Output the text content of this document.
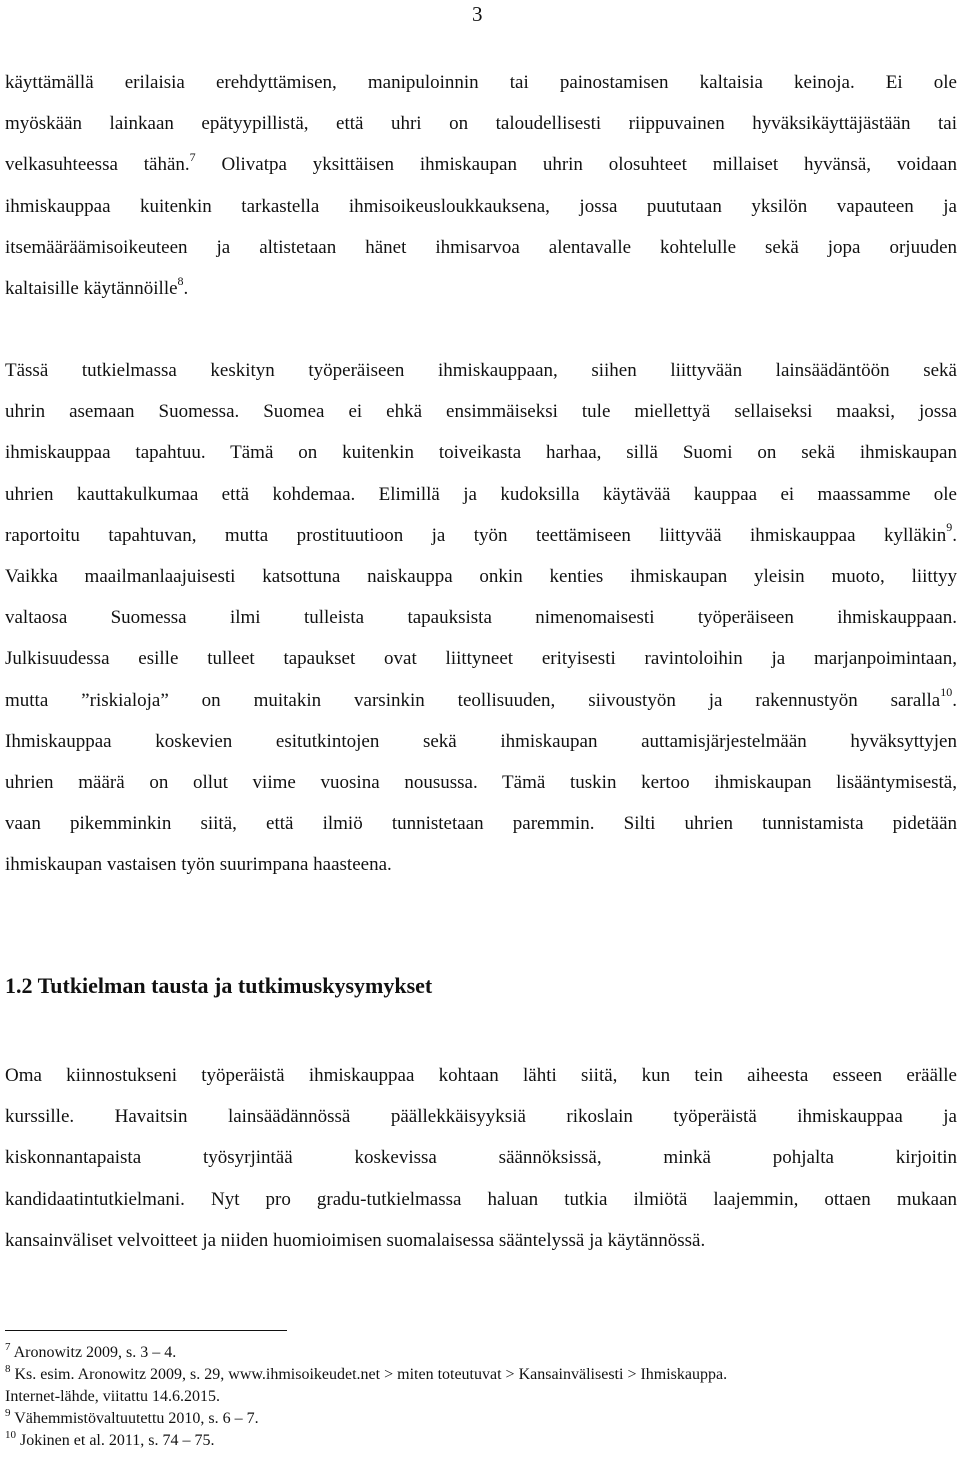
3
käyttämällä erilaisia erehdyttämisen, manipuloinnin tai painostamisen kaltaisia keinoja. Ei ole
myöskään lainkaan epätyypillistä, että uhri on taloudellisesti riippuvainen hyväksikäyttäjästään tai
velkasuhteessa tähän.$^7$ Olivatpa yksittäisen ihmiskaupan uhrin olosuhteet millaiset hyvänsä, voidaan
ihmiskauppaa kuitenkin tarkastella ihmisoikeusloukkauksena, jossa puututaan yksilön vapauteen ja
itsemääräämisoikeuteen ja altistetaan hänet ihmisarvoa alentavalle kohtelulle sekä jopa orjuuden
kaltaisille käytännöille$^8$.
Tässä tutkielmassa keskityn työperäiseen ihmiskauppaan, siihen liittyvään lainsäädäntöön sekä
uhrin asemaan Suomessa. Suomea ei ehkä ensimmäiseksi tule miellettyä sellaiseksi maaksi, jossa
ihmiskauppaa tapahtuu. Tämä on kuitenkin toiveikasta harhaa, sillä Suomi on sekä ihmiskaupan
uhrien kauttakulkumaa että kohdemaa. Elimillä ja kudoksilla käytävää kauppaa ei maassamme ole
raportoitu tapahtuvan, mutta prostituutioon ja työn teettämiseen liittyvää ihmiskauppaa kylläkin$^9$.
Vaikka maailmanlaajuisesti katsottuna naiskauppa onkin kenties ihmiskaupan yleisin muoto, liittyy
valtaosa Suomessa ilmi tulleista tapauksista nimenomaisesti työperäiseen ihmiskauppaan.
Julkisuudessa esille tulleet tapaukset ovat liittyneet erityisesti ravintoloihin ja marjanpoimintaan,
mutta ”riskialoja” on muitakin varsinkin teollisuuden, siivoustyön ja rakennustyön saralla$^{10}$.
Ihmiskauppaa koskevien esitutkintojen sekä ihmiskaupan auttamisjärjestelmään hyväksyttyjen
uhrien määrä on ollut viime vuosina nousussa. Tämä tuskin kertoo ihmiskaupan lisääntymisestä,
vaan pikemminkin siitä, että ilmiö tunnistetaan paremmin. Silti uhrien tunnistamista pidetään
ihmiskaupan vastaisen työn suurimpana haasteena.
1.2 Tutkielman tausta ja tutkimuskysymykset
Oma kiinnostukseni työperäistä ihmiskauppaa kohtaan lähti siitä, kun tein aiheesta esseen eräälle
kurssille. Havaitsin lainsäädännössä päällekkäisyyksiä rikoslain työperäistä ihmiskauppaa ja
kiskonnantapaista työsyrjintää koskevissa säännöksissä, minkä pohjalta kirjoitin
kandidaatintutkielmani. Nyt pro gradu-tutkielmassa haluan tutkia ilmiötä laajemmin, ottaen mukaan
kansainväliset velvoitteet ja niiden huomioimisen suomalaisessa sääntelyssä ja käytännössä.
$^7$ Aronowitz 2009, s. 3 – 4.
$^8$ Ks. esim. Aronowitz 2009, s. 29, www.ihmisoikeudet.net > miten toteutuvat > Kansainvälisesti > Ihmiskauppa.
Internet-lähde, viitattu 14.6.2015.
$^9$ Vähemmistövaltuutettu 2010, s. 6 – 7.
$^{10}$ Jokinen et al. 2011, s. 74 – 75.
